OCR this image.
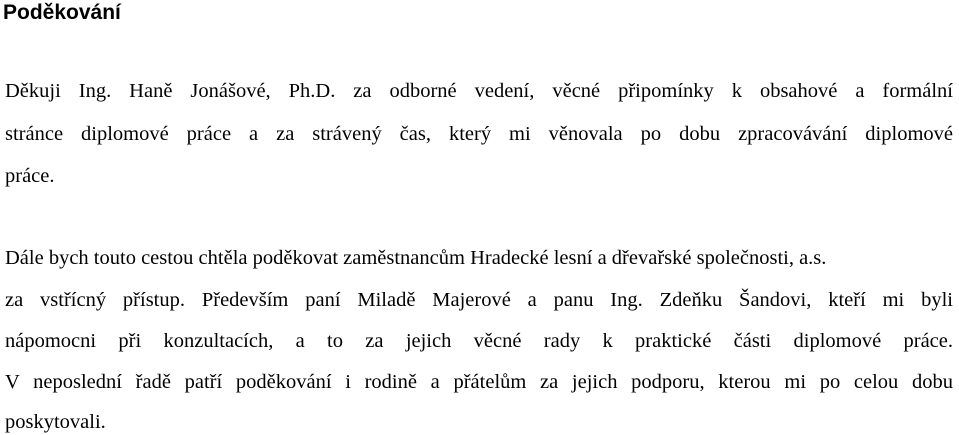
Poděkování
Děkuji Ing. Haně Jonášové, Ph.D. za odborné vedení, věcné připomínky k obsahové a formální
stránce diplomové práce a za strávený čas, který mi věnovala po dobu zpracovávání diplomové
práce.
Dále bych touto cestou chtěla poděkovat zaměstnancům Hradecké lesní a dřevařské společnosti, a.s.
za vstřícný přístup. Především paní Miladě Majerové a panu Ing. Zdeňku Šandovi, kteří mi byli
nápomocni při konzultacích, a to za jejich věcné rady k praktické části diplomové práce.
V neposlední řadě patří poděkování i rodině a přátelům za jejich podporu, kterou mi po celou dobu
poskytovali.
